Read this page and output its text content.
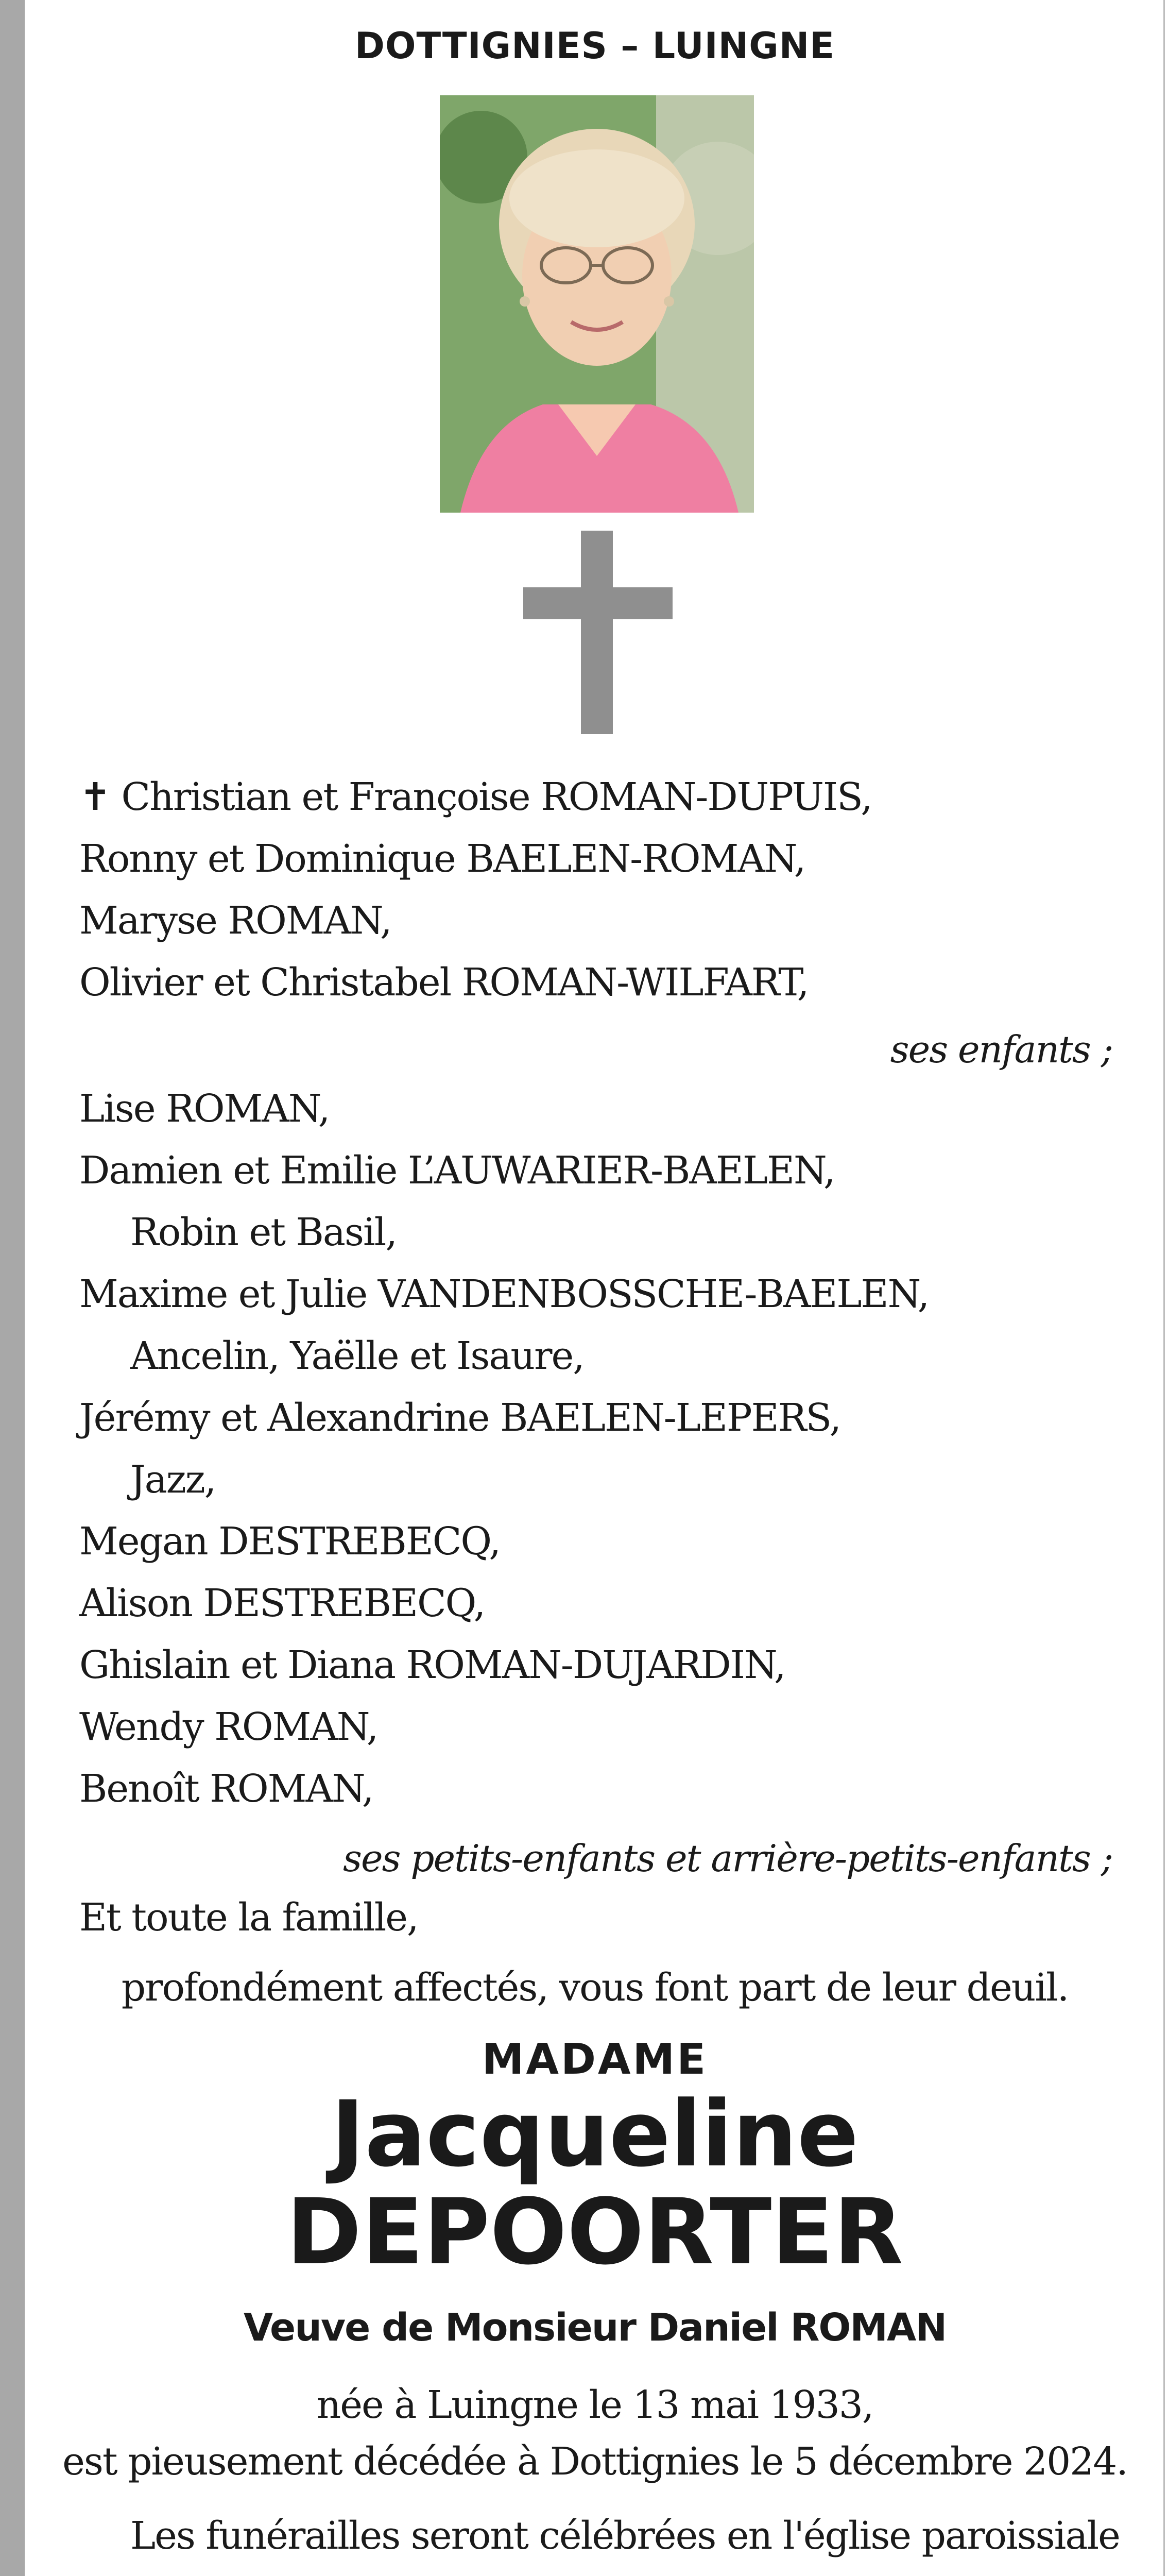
DOTTIGNIES – LUINGNE
✝ Christian et Françoise ROMAN-DUPUIS,
Ronny et Dominique BAELEN-ROMAN,
Maryse ROMAN,
Olivier et Christabel ROMAN-WILFART,
Lise ROMAN,
Damien et Emilie L’AUWARIER-BAELEN,
Robin et Basil,
Maxime et Julie VANDENBOSSCHE-BAELEN,
Ancelin, Yaëlle et Isaure,
Jérémy et Alexandrine BAELEN-LEPERS,
Jazz,
Megan DESTREBECQ,
Alison DESTREBECQ,
Ghislain et Diana ROMAN-DUJARDIN,
Wendy ROMAN,
Benoît ROMAN,
ses enfants ;
ses petits-enfants et arrière-petits-enfants ;
Et toute la famille,
profondément affectés, vous font part de leur deuil.
MADAME
Jacqueline
DEPOORTER
Veuve de Monsieur Daniel ROMAN
née à Luingne le 13 mai 1933,
est pieusement décédée à Dottignies le 5 décembre 2024.
Les funérailles seront célébrées en l'église paroissiale
